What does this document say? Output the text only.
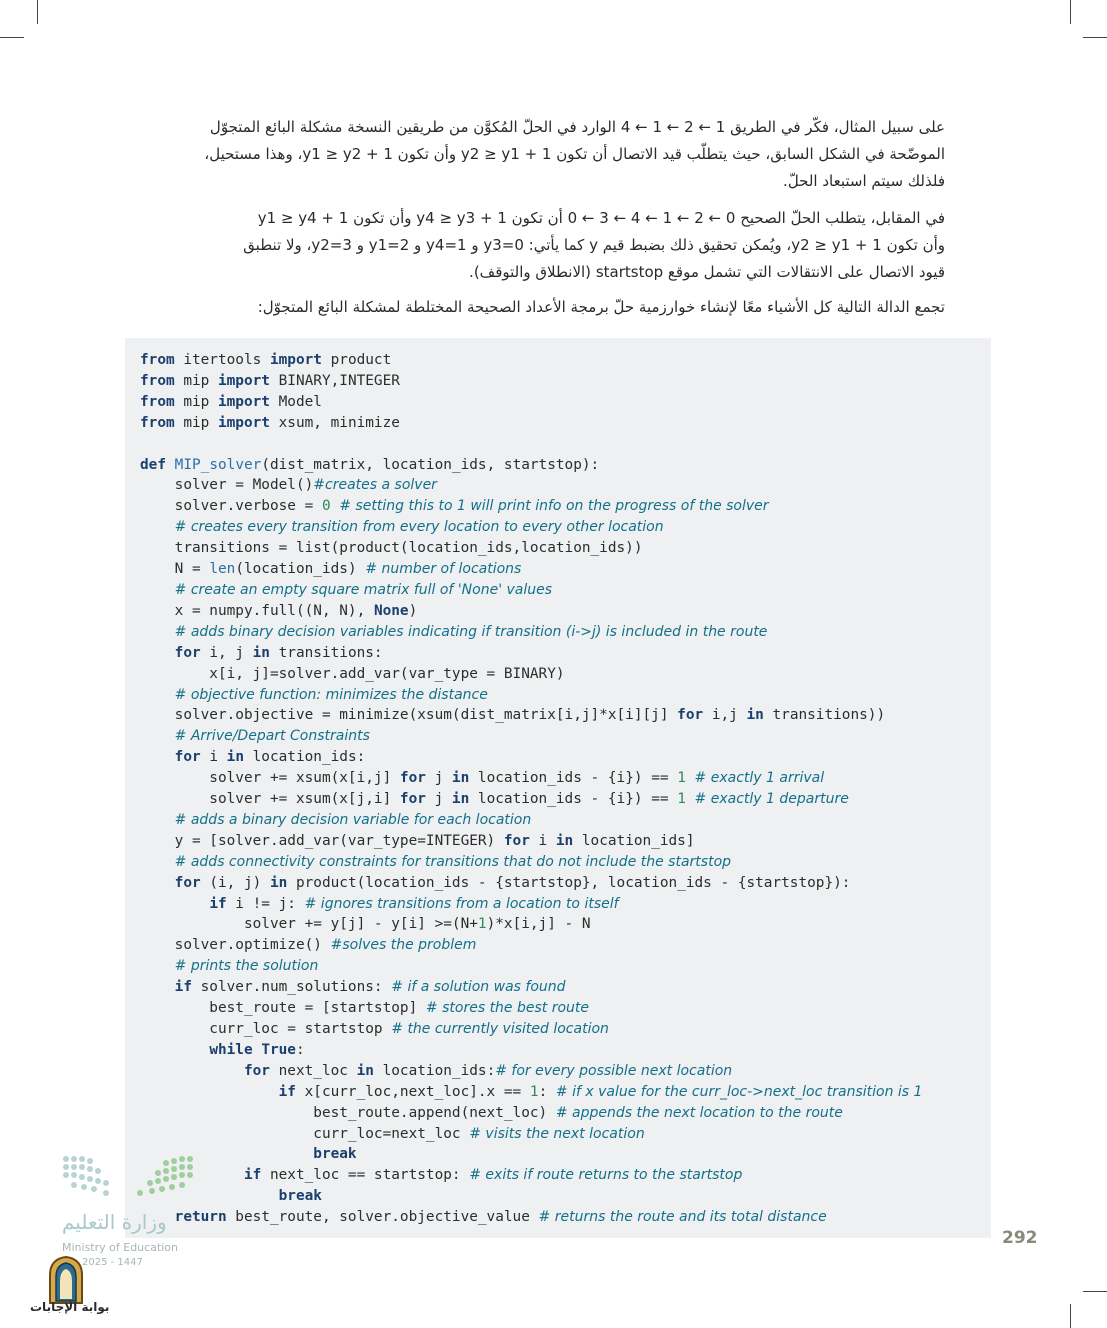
على سبيل المثال، فكّر في الطريق 1 ← 2 ← 1 ← 4 الوارد في الحلّ المُكوَّن من طريقين النسخة مشكلة البائع المتجوّل
الموضّحة في الشكل السابق، حيث يتطلّب قيد الاتصال أن تكون y2 ≥ y1 + 1 وأن تكون y1 ≥ y2 + 1، وهذا مستحيل،
فلذلك سيتم استبعاد الحلّ.
في المقابل، يتطلب الحلّ الصحيح 0 ← 2 ← 1 ← 4 ← 3 ← 0 أن تكون y4 ≥ y3 + 1 وأن تكون y1 ≥ y4 + 1
وأن تكون y2 ≥ y1 + 1، ويُمكن تحقيق ذلك بضبط قيم y كما يأتي: y3=0 و y4=1 و y1=2 و y2=3، ولا تنطبق
قيود الاتصال على الانتقالات التي تشمل موقع startstop (الانطلاق والتوقف).
تجمع الدالة التالية كل الأشياء معًا لإنشاء خوارزمية حلّ برمجة الأعداد الصحيحة المختلطة لمشكلة البائع المتجوّل:
from itertools import product
from mip import BINARY,INTEGER
from mip import Model
from mip import xsum, minimize

def MIP_solver(dist_matrix, location_ids, startstop):
solver = Model()#creates a solver
solver.verbose = 0 # setting this to 1 will print info on the progress of the solver
# creates every transition from every location to every other location
transitions = list(product(location_ids,location_ids))
N = len(location_ids) # number of locations
# create an empty square matrix full of 'None' values
x = numpy.full((N, N), None)
# adds binary decision variables indicating if transition (i->j) is included in the route
for i, j in transitions:
x[i, j]=solver.add_var(var_type = BINARY)
# objective function: minimizes the distance
solver.objective = minimize(xsum(dist_matrix[i,j]*x[i][j] for i,j in transitions))
# Arrive/Depart Constraints
for i in location_ids:
solver += xsum(x[i,j] for j in location_ids - {i}) == 1 # exactly 1 arrival
solver += xsum(x[j,i] for j in location_ids - {i}) == 1 # exactly 1 departure
# adds a binary decision variable for each location
y = [solver.add_var(var_type=INTEGER) for i in location_ids]
# adds connectivity constraints for transitions that do not include the startstop
for (i, j) in product(location_ids - {startstop}, location_ids - {startstop}):
if i != j: # ignores transitions from a location to itself
solver += y[j] - y[i] >=(N+1)*x[i,j] - N
solver.optimize() #solves the problem
# prints the solution
if solver.num_solutions: # if a solution was found
best_route = [startstop] # stores the best route
curr_loc = startstop # the currently visited location
while True:
for next_loc in location_ids:# for every possible next location
if x[curr_loc,next_loc].x == 1: # if x value for the curr_loc->next_loc transition is 1
best_route.append(next_loc) # appends the next location to the route
curr_loc=next_loc # visits the next location
break
if next_loc == startstop: # exits if route returns to the startstop
break
return best_route, solver.objective_value # returns the route and its total distance
وزارة التعليم
Ministry of Education
2025 - 1447
بوابة الإجابات
292
